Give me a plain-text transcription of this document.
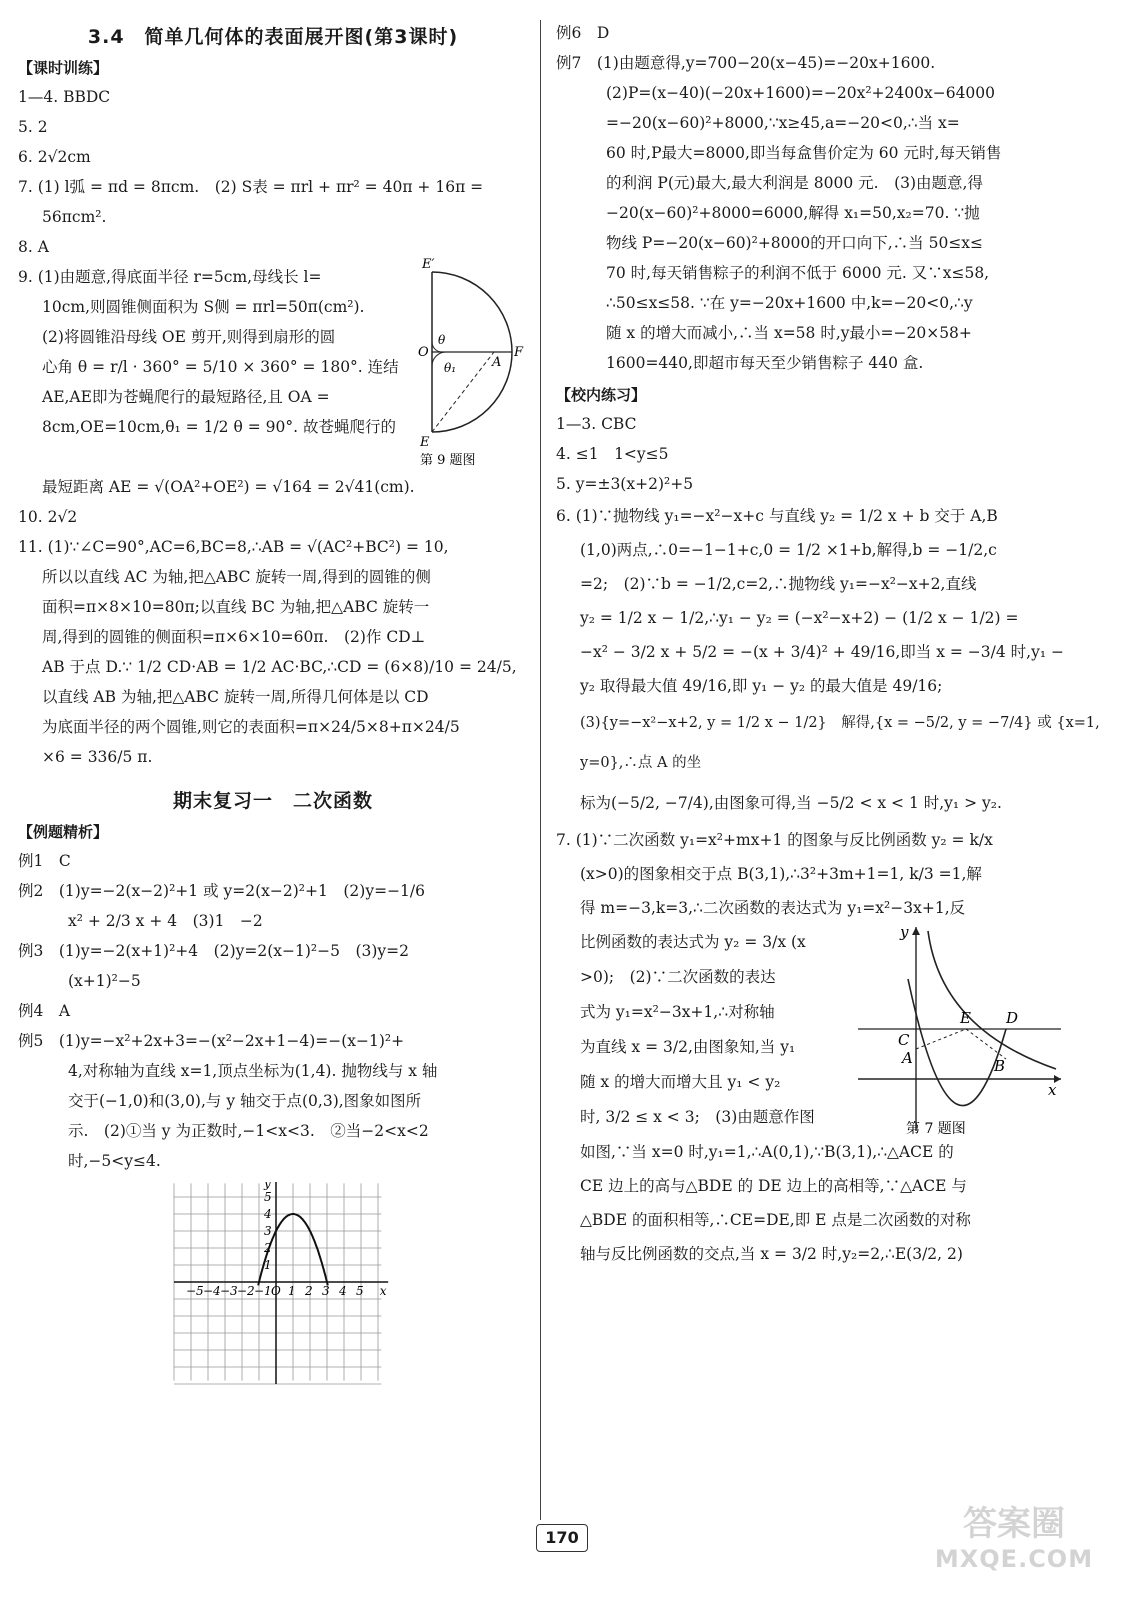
3.4　简单几何体的表面展开图(第3课时)
【课时训练】

1—4. BBDC

5. 2

6. 2√2cm

7. (1) l弧 = πd = 8πcm.　(2) S表 = πrl + πr² = 40π + 16π =

56πcm².

8. A

9. (1)由题意,得底面半径 r=5cm,母线长 l=

10cm,则圆锥侧面积为 S侧 = πrl=50π(cm²).

(2)将圆锥沿母线 OE 剪开,则得到扇形的圆

心角 θ = r/l · 360° = 5/10 × 360° = 180°. 连结

AE,AE即为苍蝇爬行的最短路径,且 OA =

8cm,OE=10cm,θ₁ = 1/2 θ = 90°. 故苍蝇爬行的

E′
O
θ
θ₁	A
F
E
第 9 题图

最短距离 AE = √(OA²+OE²) = √164 = 2√41(cm).

10. 2√2

11. (1)∵∠C=90°,AC=6,BC=8,∴AB = √(AC²+BC²) = 10,

所以以直线 AC 为轴,把△ABC 旋转一周,得到的圆锥的侧

面积=π×8×10=80π;以直线 BC 为轴,把△ABC 旋转一

周,得到的圆锥的侧面积=π×6×10=60π.　(2)作 CD⊥

AB 于点 D.∵ 1/2 CD·AB = 1/2 AC·BC,∴CD = (6×8)/10 = 24/5,

以直线 AB 为轴,把△ABC 旋转一周,所得几何体是以 CD

为底面半径的两个圆锥,则它的表面积=π×24/5×8+π×24/5

×6 = 336/5 π.

期末复习一　二次函数
【例题精析】

例1　C

例2　(1)y=−2(x−2)²+1 或 y=2(x−2)²+1　(2)y=−1/6

x² + 2/3 x + 4　(3)1　−2

例3　(1)y=−2(x+1)²+4　(2)y=2(x−1)²−5　(3)y=2

(x+1)²−5

例4　A

例5　(1)y=−x²+2x+3=−(x²−2x+1−4)=−(x−1)²+

4,对称轴为直线 x=1,顶点坐标为(1,4). 抛物线与 x 轴

交于(−1,0)和(3,0),与 y 轴交于点(0,3),图象如图所

示.　(2)①当 y 为正数时,−1<x<3.　②当−2<x<2

时,−5<y≤4.

−5 −4 −3 −2 −1 O 1 2 3 4 5 x
5
4
3
2
1
y

例6　D

例7　(1)由题意得,y=700−20(x−45)=−20x+1600.

(2)P=(x−40)(−20x+1600)=−20x²+2400x−64000

=−20(x−60)²+8000,∵x≥45,a=−20<0,∴当 x=

60 时,P最大=8000,即当每盒售价定为 60 元时,每天销售

的利润 P(元)最大,最大利润是 8000 元.　(3)由题意,得

−20(x−60)²+8000=6000,解得 x₁=50,x₂=70. ∵抛

物线 P=−20(x−60)²+8000的开口向下,∴当 50≤x≤

70 时,每天销售粽子的利润不低于 6000 元. 又∵x≤58,

∴50≤x≤58. ∵在 y=−20x+1600 中,k=−20<0,∴y

随 x 的增大而减小,∴当 x=58 时,y最小=−20×58+

1600=440,即超市每天至少销售粽子 440 盒.

【校内练习】

1—3. CBC

4. ≤1　1<y≤5

5. y=±3(x+2)²+5

6. (1)∵抛物线 y₁=−x²−x+c 与直线 y₂ = 1/2 x + b 交于 A,B

(1,0)两点,∴0=−1−1+c,0 = 1/2 ×1+b,解得,b = −1/2,c

=2;　(2)∵b = −1/2,c=2,∴抛物线 y₁=−x²−x+2,直线

y₂ = 1/2 x − 1/2,∴y₁ − y₂ = (−x²−x+2) − (1/2 x − 1/2) =

−x² − 3/2 x + 5/2 = −(x + 3/4)² + 49/16,即当 x = −3/4 时,y₁ −

y₂ 取得最大值 49/16,即 y₁ − y₂ 的最大值是 49/16;

(3){y=−x²−x+2, y = 1/2 x − 1/2}　解得,{x = −5/2, y = −7/4} 或 {x=1, y=0},∴点 A 的坐

标为(−5/2, −7/4),由图象可得,当 −5/2 < x < 1 时,y₁ > y₂.

7. (1)∵二次函数 y₁=x²+mx+1 的图象与反比例函数 y₂ = k/x

(x>0)的图象相交于点 B(3,1),∴3²+3m+1=1, k/3 =1,解

得 m=−3,k=3,∴二次函数的表达式为 y₁=x²−3x+1,反

比例函数的表达式为 y₂ = 3/x (x

>0);　(2)∵二次函数的表达

式为 y₁=x²−3x+1,∴对称轴

为直线 x = 3/2,由图象知,当 y₁

随 x 的增大而增大且 y₁ < y₂

时, 3/2 ≤ x < 3;　(3)由题意作图

y
E D
C
A	B
x
第 7 题图

如图,∵当 x=0 时,y₁=1,∴A(0,1),∵B(3,1),∴△ACE 的

CE 边上的高与△BDE 的 DE 边上的高相等,∵△ACE 与

△BDE 的面积相等,∴CE=DE,即 E 点是二次函数的对称

轴与反比例函数的交点,当 x = 3/2 时,y₂=2,∴E(3/2, 2)

170	答案圈
MXQE.COM
